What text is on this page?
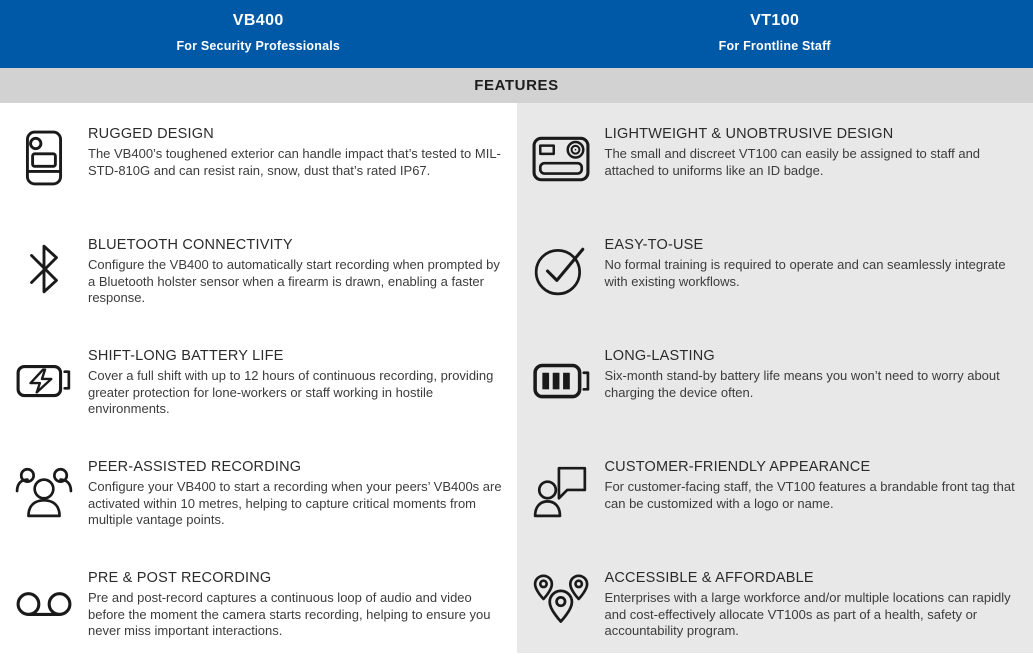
VB400
For Security Professionals
VT100
For Frontline Staff
FEATURES
RUGGED DESIGN

The VB400’s toughened exterior can handle impact that’s tested to MIL-STD-810G and can resist rain, snow, dust that’s rated IP67.

BLUETOOTH CONNECTIVITY

Configure the VB400 to automatically start recording when prompted by a Bluetooth holster sensor when a firearm is drawn, enabling a faster response.

SHIFT-LONG BATTERY LIFE

Cover a full shift with up to 12 hours of continuous recording, providing greater protection for lone-workers or staff working in hostile environments.

PEER-ASSISTED RECORDING

Configure your VB400 to start a recording when your peers’ VB400s are activated within 10 metres, helping to capture critical moments from multiple vantage points.

PRE & POST RECORDING

Pre and post-record captures a continuous loop of audio and video before the moment the camera starts recording, helping to ensure you never miss important interactions.

LIGHTWEIGHT & UNOBTRUSIVE DESIGN

The small and discreet VT100 can easily be assigned to staff and attached to uniforms like an ID badge.

EASY-TO-USE

No formal training is required to operate and can seamlessly integrate with existing workflows.

LONG-LASTING

Six-month stand-by battery life means you won’t need to worry about charging the device often.

CUSTOMER-FRIENDLY APPEARANCE

For customer-facing staff, the VT100 features a brandable front tag that can be customized with a logo or name.

ACCESSIBLE & AFFORDABLE

Enterprises with a large workforce and/or multiple locations can rapidly and cost-effectively allocate VT100s as part of a health, safety or accountability program.
